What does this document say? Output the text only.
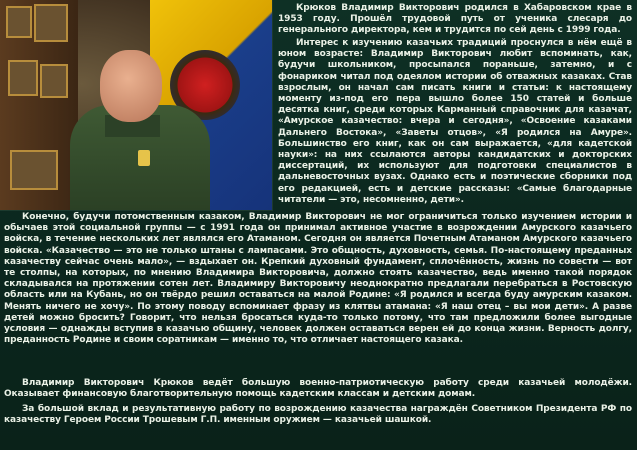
Крюков Владимир Викторович родился в Хабаровском крае в 1953 году. Прошёл трудовой путь от ученика слесаря до генерального директора, кем и трудится по сей день с 1999 года.

Интерес к изучению казачьих традиций проснулся в нём ещё в юном возрасте: Владимир Викторович любит вспоминать, как, будучи школьником, просыпался пораньше, затемно, и с фонариком читал под одеялом истории об отважных казаках. Став взрослым, он начал сам писать книги и статьи: к настоящему моменту из-под его пера вышло более 150 статей и больше десятка книг, среди которых Карманный справочник для казачат, «Амурское казачество: вчера и сегодня», «Освоение казаками Дальнего Востока», «Заветы отцов», «Я родился на Амуре». Большинство его книг, как он сам выражается, «для кадетской науки»: на них ссылаются авторы кандидатских и докторских диссертаций, их используют для подготовки специалистов в дальневосточных вузах. Однако есть и поэтические сборники под его редакцией, есть и детские рассказы: «Самые благодарные читатели — это, несомненно, дети».

Конечно, будучи потомственным казаком, Владимир Викторович не мог ограничиться только изучением истории и обычаев этой социальной группы — с 1991 года он принимал активное участие в возрождении Амурского казачьего войска, в течение нескольких лет являлся его Атаманом. Сегодня он является Почетным Атаманом Амурского казачьего войска. «Казачество — это не только штаны с лампасами. Это общность, духовность, семья. По-настоящему преданных казачеству сейчас очень мало», — вздыхает он. Крепкий духовный фундамент, сплочённость, жизнь по совести — вот те столпы, на которых, по мнению Владимира Викторовича, должно стоять казачество, ведь именно такой порядок складывался на протяжении сотен лет. Владимиру Викторовичу неоднократно предлагали перебраться в Ростовскую область или на Кубань, но он твёрдо решил оставаться на малой Родине: «Я родился и всегда буду амурским казаком. Менять ничего не хочу». По этому поводу вспоминает фразу из клятвы атамана: «Я наш отец – вы мои дети». А разве детей можно бросить? Говорит, что нельзя бросаться куда-то только потому, что там предложили более выгодные условия — однажды вступив в казачью общину, человек должен оставаться верен ей до конца жизни. Верность долгу, преданность Родине и своим соратникам — именно то, что отличает настоящего казака.

Владимир Викторович Крюков ведёт большую военно-патриотическую работу среди казачьей молодёжи. Оказывает финансовую благотворительную помощь кадетским классам и детским домам.

За большой вклад и результативную работу по возрождению казачества награждён Советником Президента РФ по казачеству Героем России Трошевым Г.П. именным оружием — казачьей шашкой.
